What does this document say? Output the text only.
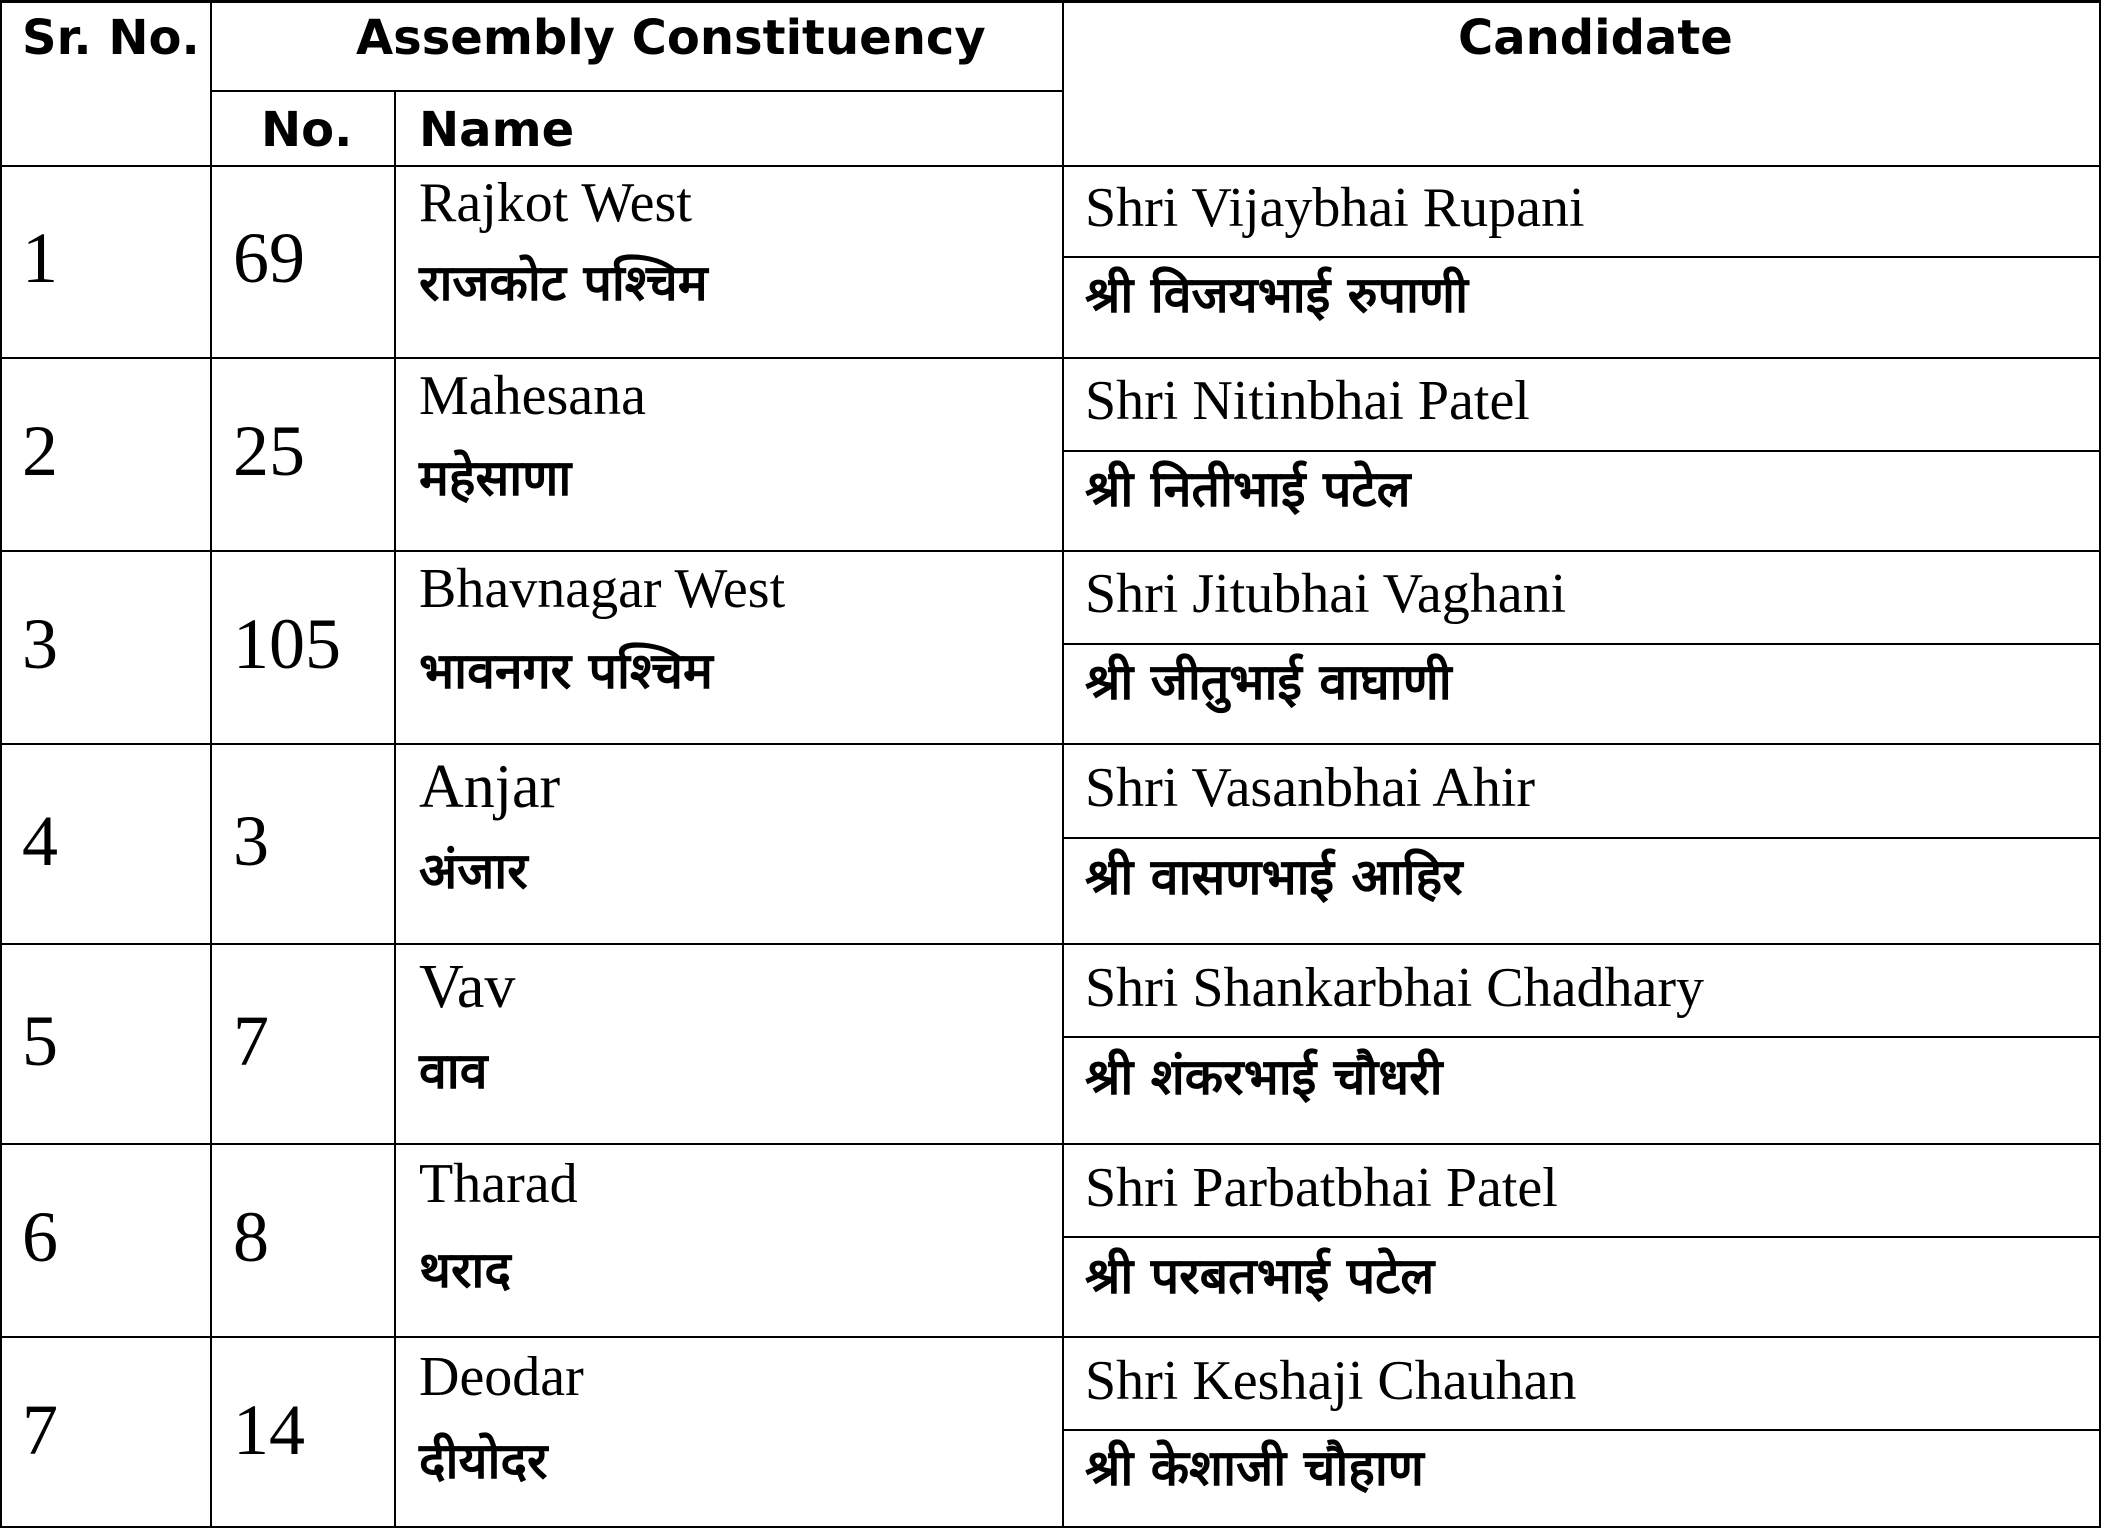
Sr. No.	Assembly Constituency	Candidate
No. Name
1 69
Rajkot West
राजकोट पश्चिम
Shri Vijaybhai Rupani
श्री विजयभाई रुपाणी
2 25
Mahesana
महेसाणा
Shri Nitinbhai Patel
श्री नितीभाई पटेल
3 105
Bhavnagar West
भावनगर पश्चिम
Shri Jitubhai Vaghani
श्री जीतुभाई वाघाणी
4 3
Anjar
अंजार
Shri Vasanbhai Ahir
श्री वासणभाई आहिर
5 7
Vav
वाव
Shri Shankarbhai Chadhary
श्री शंकरभाई चौधरी
6 8
Tharad
थराद
Shri Parbatbhai Patel
श्री परबतभाई पटेल
7 14
Deodar
दीयोदर
Shri Keshaji Chauhan
श्री केशाजी चौहाण
